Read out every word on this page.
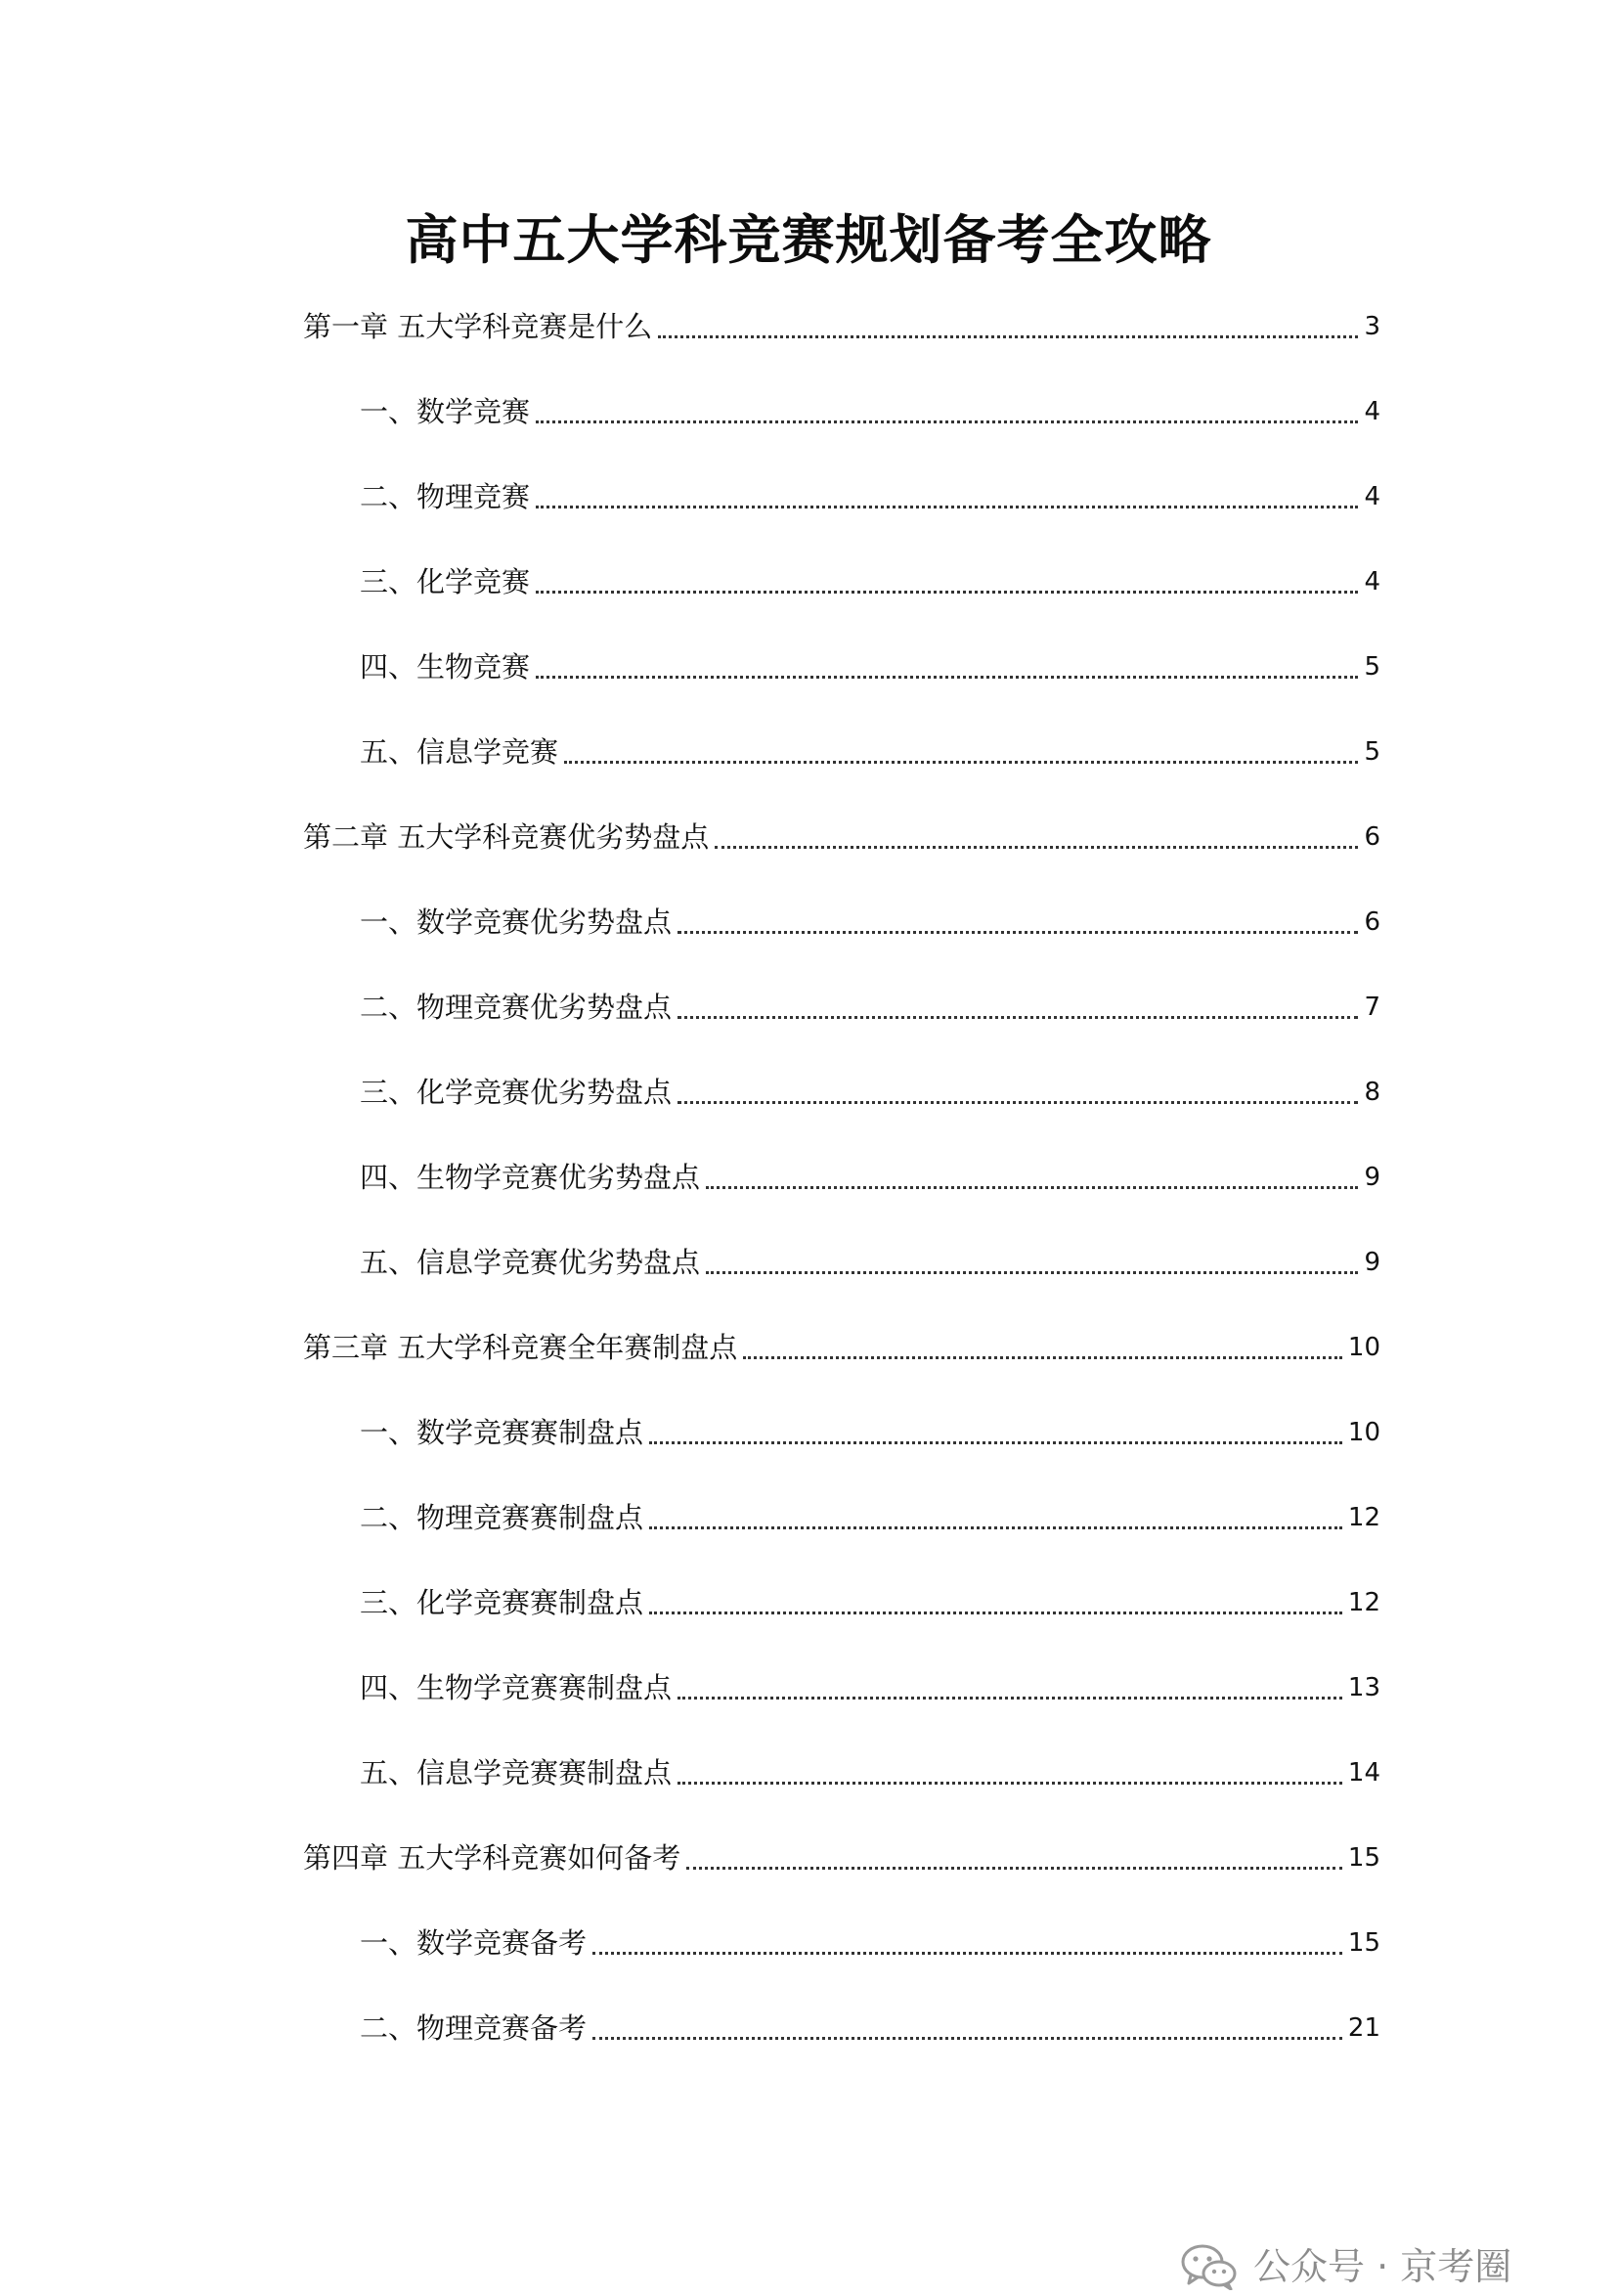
高中五大学科竞赛规划备考全攻略
第一章 五大学科竞赛是什么	3
一、数学竞赛	4
二、物理竞赛	4
三、化学竞赛	4
四、生物竞赛	5
五、信息学竞赛	5
第二章 五大学科竞赛优劣势盘点	6
一、数学竞赛优劣势盘点	6
二、物理竞赛优劣势盘点	7
三、化学竞赛优劣势盘点	8
四、生物学竞赛优劣势盘点	9
五、信息学竞赛优劣势盘点	9
第三章 五大学科竞赛全年赛制盘点	10
一、数学竞赛赛制盘点	10
二、物理竞赛赛制盘点	12
三、化学竞赛赛制盘点	12
四、生物学竞赛赛制盘点	13
五、信息学竞赛赛制盘点	14
第四章 五大学科竞赛如何备考	15
一、数学竞赛备考	15
二、物理竞赛备考	21
公众号 · 京考圈
